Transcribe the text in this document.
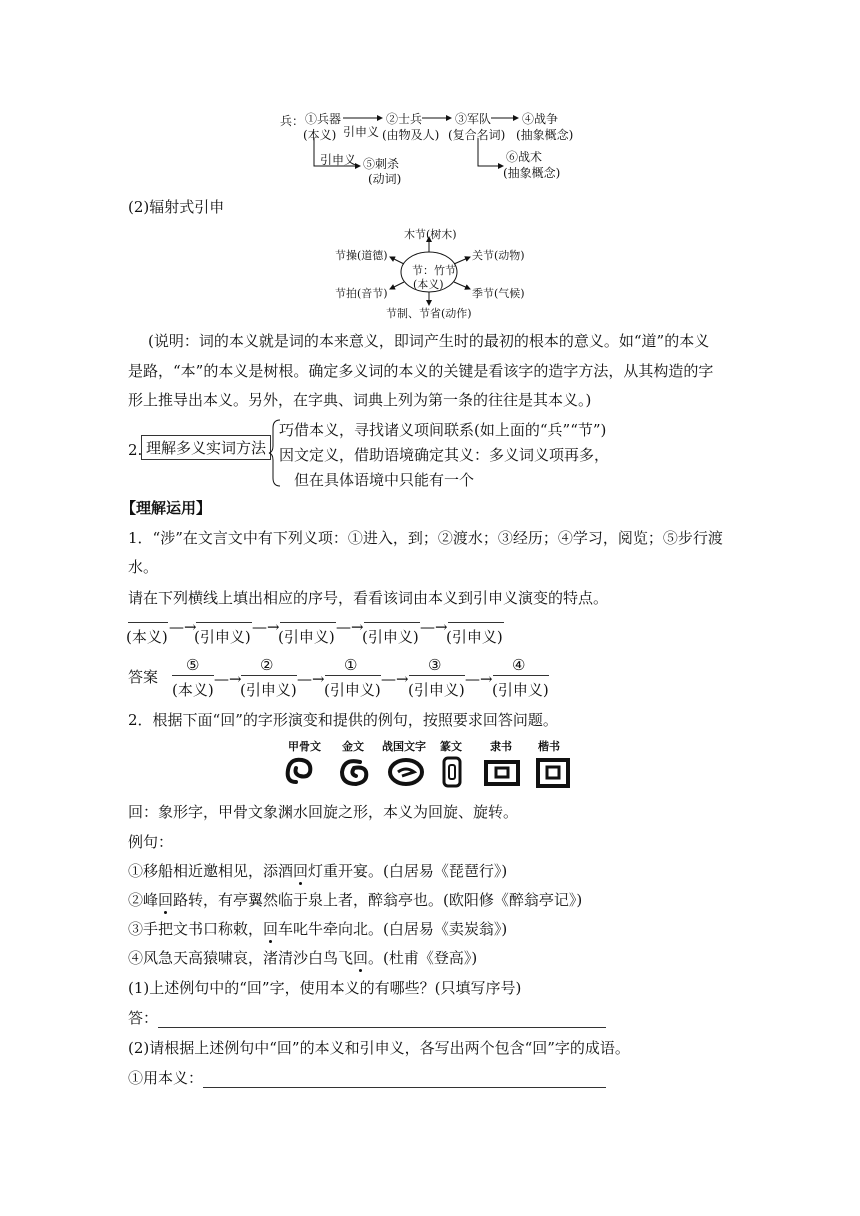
兵： ①兵器
(本义) 引申义
②士兵
(由物及人)
③军队
(复合名词)
④战争
(抽象概念)
引申义 ⑤刺杀
(动词)
⑥战术
(抽象概念)
(2)辐射式引申
节：竹节
(本义)
木节(树木)
节操(道德)	关节(动物)
节拍(音节)	季节(气候)
节制、节省(动作)
(说明：词的本义就是词的本来意义，即词产生时的最初的根本的意义。如“道”的本义
是路，“本”的本义是树根。确定多义词的本义的关键是看该字的造字方法，从其构造的字
形上推导出本义。另外，在字典、词典上列为第一条的往往是其本义。)
2. 理解多义实词方法
巧借本义，寻找诸义项间联系(如上面的“兵”“节”)
因文定义，借助语境确定其义：多义词义项再多，
但在具体语境中只能有一个
【理解运用】
1．“涉”在文言文中有下列义项：①进入，到；②渡水；③经历；④学习，阅览；⑤步行渡
水。
请在下列横线上填出相应的序号，看看该词由本义到引申义演变的特点。
(本义)
—→
(引申义)
—→
(引申义)
—→
(引申义)
—→
(引申义)
答案
⑤
(本义)
—→
②
(引申义)
—→
①
(引申义)
—→
③
(引申义)
—→
④
(引申义)
2．根据下面“回”的字形演变和提供的例句，按照要求回答问题。
甲骨文 金文 战国文字 篆文	隶书 楷书
回：象形字，甲骨文象渊水回旋之形，本义为回旋、旋转。
例句：
①移船相近邀相见，添酒回灯重开宴。(白居易《琵琶行》)
②峰回路转，有亭翼然临于泉上者，醉翁亭也。(欧阳修《醉翁亭记》)
③手把文书口称敕，回车叱牛牵向北。(白居易《卖炭翁》)
④风急天高猿啸哀，渚清沙白鸟飞回。(杜甫《登高》)
(1)上述例句中的“回”字，使用本义的有哪些？(只填写序号)
答：
(2)请根据上述例句中“回”的本义和引申义，各写出两个包含“回”字的成语。
①用本义：
